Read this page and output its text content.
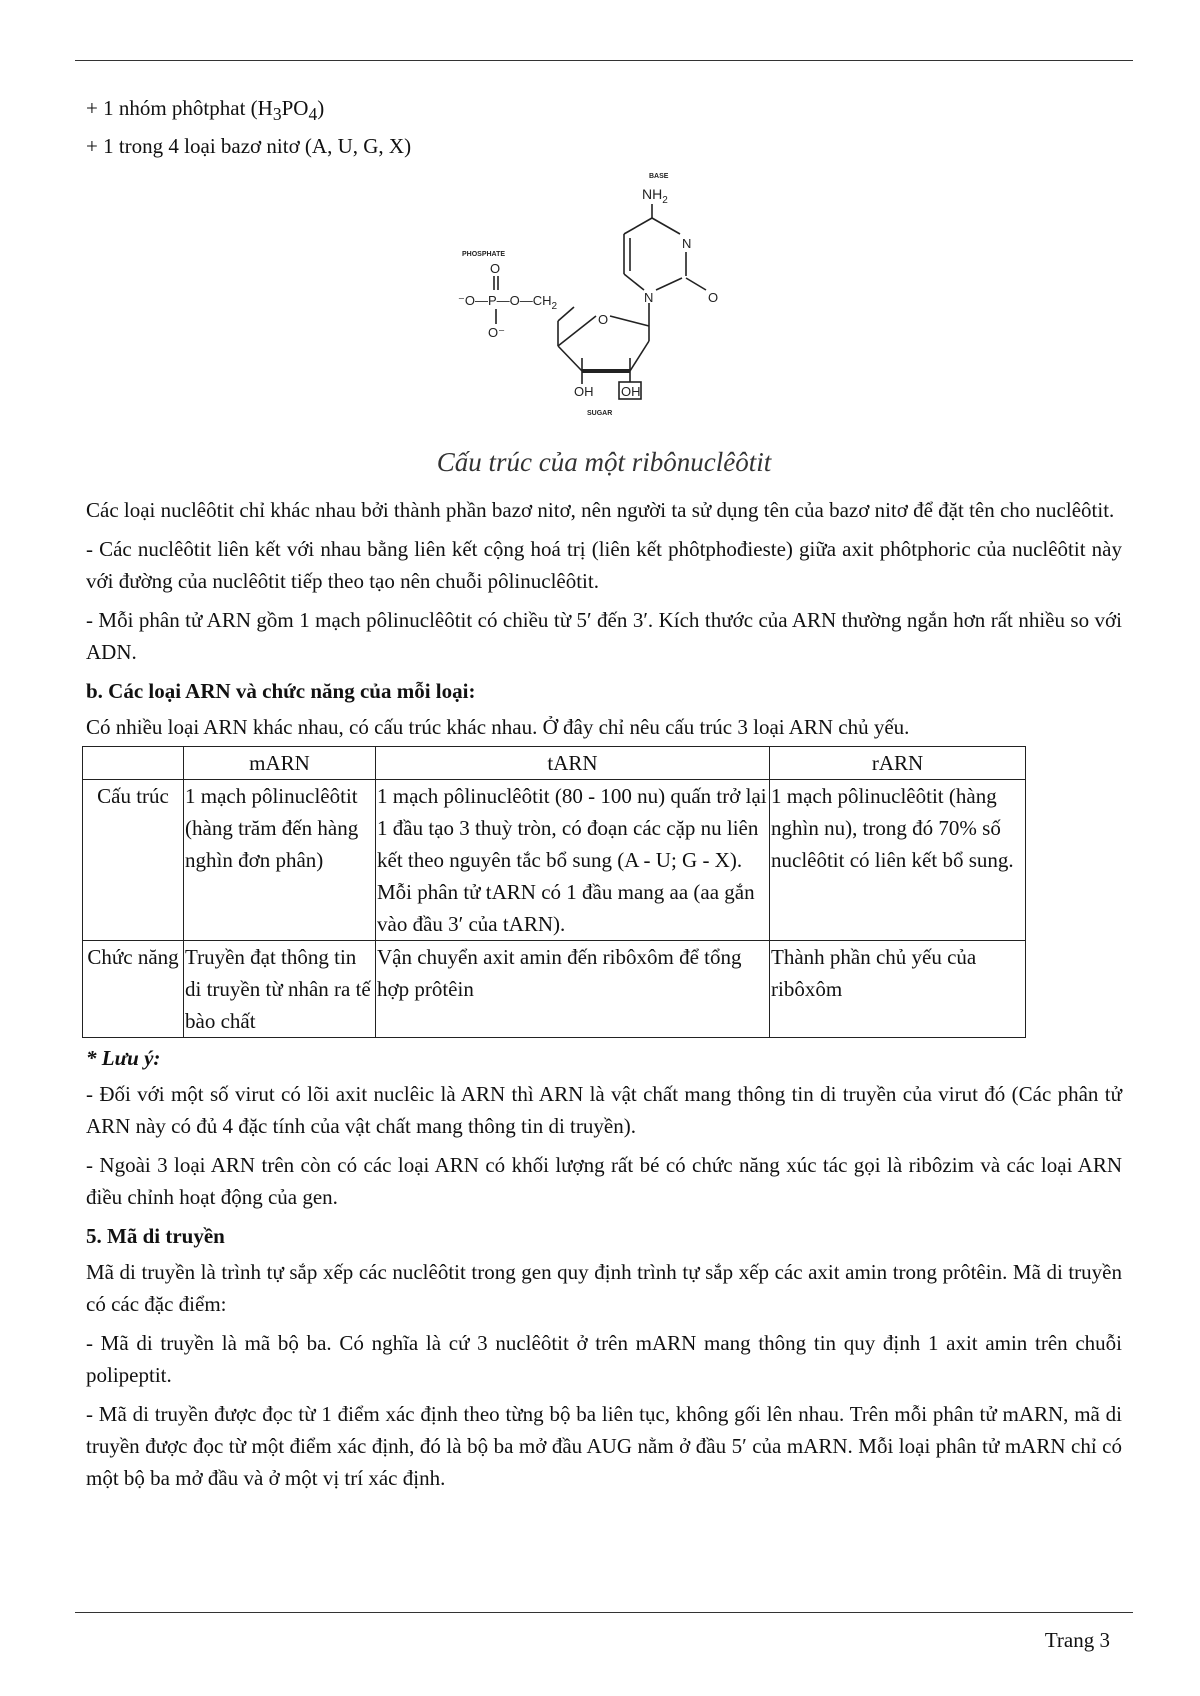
+ 1 nhóm phôtphat $(H_3PO_4)$
+ 1 trong 4 loại bazơ nitơ (A, U, G, X)
BASE
$NH_2$
N
N	O
PHOSPHATE
O
$^-O—P—O—CH_2$
O⁻
O
OH OH
SUGAR
Cấu trúc của một ribônuclêôtit

Các loại nuclêôtit chỉ khác nhau bởi thành phần bazơ nitơ, nên người ta sử dụng tên của bazơ nitơ để đặt tên cho nuclêôtit.

- Các nuclêôtit liên kết với nhau bằng liên kết cộng hoá trị (liên kết phôtphođieste) giữa axit phôtphoric của nuclêôtit này với đường của nuclêôtit tiếp theo tạo nên chuỗi pôlinuclêôtit.

- Mỗi phân tử ARN gồm 1 mạch pôlinuclêôtit có chiều từ 5′ đến 3′. Kích thước của ARN thường ngắn hơn rất nhiều so với ADN.

b. Các loại ARN và chức năng của mỗi loại:

Có nhiều loại ARN khác nhau, có cấu trúc khác nhau. Ở đây chỉ nêu cấu trúc 3 loại ARN chủ yếu.

	mARN	tARN	rARN
Cấu trúc	1 mạch pôlinuclêôtit (hàng trăm đến hàng nghìn đơn phân)	1 mạch pôlinuclêôtit (80 - 100 nu) quấn trở lại 1 đầu tạo 3 thuỳ tròn, có đoạn các cặp nu liên kết theo nguyên tắc bổ sung (A - U; G - X). Mỗi phân tử tARN có 1 đầu mang aa (aa gắn vào đầu 3′ của tARN).	1 mạch pôlinuclêôtit (hàng nghìn nu), trong đó 70% số nuclêôtit có liên kết bổ sung.
Chức năng	Truyền đạt thông tin di truyền từ nhân ra tế bào chất	Vận chuyển axit amin đến ribôxôm để tổng hợp prôtêin	Thành phần chủ yếu của ribôxôm
* Lưu ý:

- Đối với một số virut có lõi axit nuclêic là ARN thì ARN là vật chất mang thông tin di truyền của virut đó (Các phân tử ARN này có đủ 4 đặc tính của vật chất mang thông tin di truyền).

- Ngoài 3 loại ARN trên còn có các loại ARN có khối lượng rất bé có chức năng xúc tác gọi là ribôzim và các loại ARN điều chỉnh hoạt động của gen.

5. Mã di truyền

Mã di truyền là trình tự sắp xếp các nuclêôtit trong gen quy định trình tự sắp xếp các axit amin trong prôtêin. Mã di truyền có các đặc điểm:

- Mã di truyền là mã bộ ba. Có nghĩa là cứ 3 nuclêôtit ở trên mARN mang thông tin quy định 1 axit amin trên chuỗi polipeptit.

- Mã di truyền được đọc từ 1 điểm xác định theo từng bộ ba liên tục, không gối lên nhau. Trên mỗi phân tử mARN, mã di truyền được đọc từ một điểm xác định, đó là bộ ba mở đầu AUG nằm ở đầu 5′ của mARN. Mỗi loại phân tử mARN chỉ có một bộ ba mở đầu và ở một vị trí xác định.

Trang 3
